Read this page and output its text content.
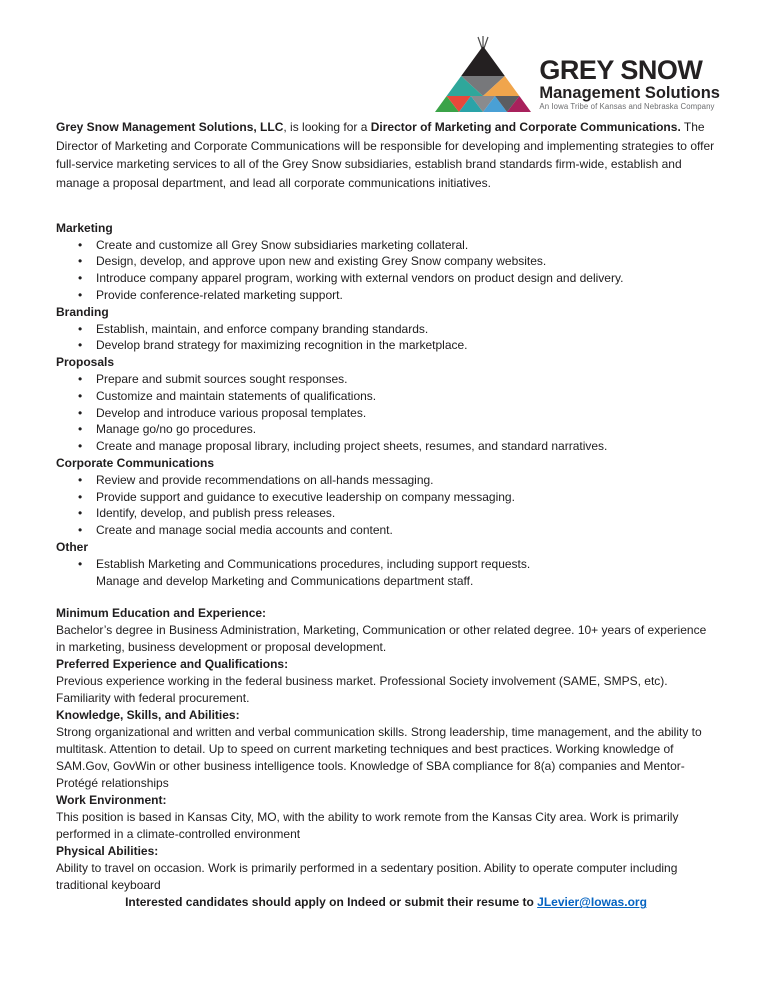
GREY SNOW
Management Solutions
An Iowa Tribe of Kansas and Nebraska Company

Grey Snow Management Solutions, LLC, is looking for a Director of Marketing and Corporate Communications. The Director of Marketing and Corporate Communications will be responsible for developing and implementing strategies to offer full-service marketing services to all of the Grey Snow subsidiaries, establish brand standards firm-wide, establish and manage a proposal department, and lead all corporate communications initiatives.

Marketing
• Create and customize all Grey Snow subsidiaries marketing collateral.
• Design, develop, and approve upon new and existing Grey Snow company websites.
• Introduce company apparel program, working with external vendors on product design and delivery.
• Provide conference-related marketing support.
Branding
• Establish, maintain, and enforce company branding standards.
• Develop brand strategy for maximizing recognition in the marketplace.
Proposals
• Prepare and submit sources sought responses.
• Customize and maintain statements of qualifications.
• Develop and introduce various proposal templates.
• Manage go/no go procedures.
• Create and manage proposal library, including project sheets, resumes, and standard narratives.
Corporate Communications
• Review and provide recommendations on all-hands messaging.
• Provide support and guidance to executive leadership on company messaging.
• Identify, develop, and publish press releases.
• Create and manage social media accounts and content.
Other
• Establish Marketing and Communications procedures, including support requests.
Manage and develop Marketing and Communications department staff.
Minimum Education and Experience:
Bachelor’s degree in Business Administration, Marketing, Communication or other related degree. 10+ years of experience in marketing, business development or proposal development.
Preferred Experience and Qualifications:
Previous experience working in the federal business market. Professional Society involvement (SAME, SMPS, etc). Familiarity with federal procurement.
Knowledge, Skills, and Abilities:
Strong organizational and written and verbal communication skills. Strong leadership, time management, and the ability to multitask. Attention to detail. Up to speed on current marketing techniques and best practices. Working knowledge of SAM.Gov, GovWin or other business intelligence tools. Knowledge of SBA compliance for 8(a) companies and Mentor-Protégé relationships
Work Environment:
This position is based in Kansas City, MO, with the ability to work remote from the Kansas City area. Work is primarily performed in a climate-controlled environment
Physical Abilities:
Ability to travel on occasion. Work is primarily performed in a sedentary position. Ability to operate computer including traditional keyboard
Interested candidates should apply on Indeed or submit their resume to JLevier@Iowas.org
